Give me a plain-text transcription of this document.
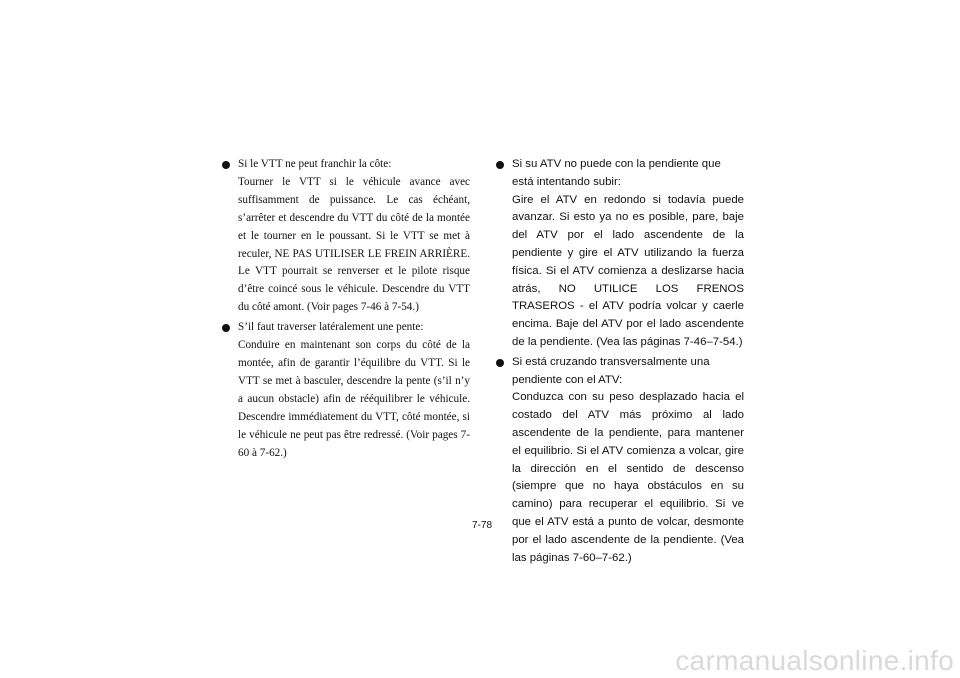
Si le VTT ne peut franchir la côte:
Tourner le VTT si le véhicule avance avec suffisamment de puissance. Le cas échéant, s’arrêter et descendre du VTT du côté de la montée et le tourner en le poussant. Si le VTT se met à reculer, NE PAS UTILISER LE FREIN ARRIÈRE. Le VTT pourrait se renverser et le pilote risque d’être coincé sous le véhicule. Descendre du VTT du côté amont. (Voir pages 7-46 à 7-54.)
S’il faut traverser latéralement une pente:
Conduire en maintenant son corps du côté de la montée, afin de garantir l’équilibre du VTT. Si le VTT se met à basculer, descendre la pente (s’il n’y a aucun obstacle) afin de rééquilibrer le véhicule. Descendre immédiatement du VTT, côté montée, si le véhicule ne peut pas être redressé. (Voir pages 7-60 à 7-62.)
Si su ATV no puede con la pendiente que está intentando subir:
Gire el ATV en redondo si todavía puede avanzar. Si esto ya no es posible, pare, baje del ATV por el lado ascendente de la pendiente y gire el ATV utilizando la fuerza física. Si el ATV comienza a deslizarse hacia atrás, NO UTILICE LOS FRENOS TRASEROS - el ATV podría volcar y caerle encima. Baje del ATV por el lado ascendente de la pendiente. (Vea las páginas 7-46–7-54.)
Si está cruzando transversalmente una pendiente con el ATV:
Conduzca con su peso desplazado hacia el costado del ATV más próximo al lado ascendente de la pendiente, para mantener el equilibrio. Si el ATV comienza a volcar, gire la dirección en el sentido de descenso (siempre que no haya obstáculos en su camino) para recuperar el equilibrio. Si ve que el ATV está a punto de volcar, desmonte por el lado ascendente de la pendiente. (Vea las páginas 7-60–7-62.)
7-78
carmanualsonline.info
